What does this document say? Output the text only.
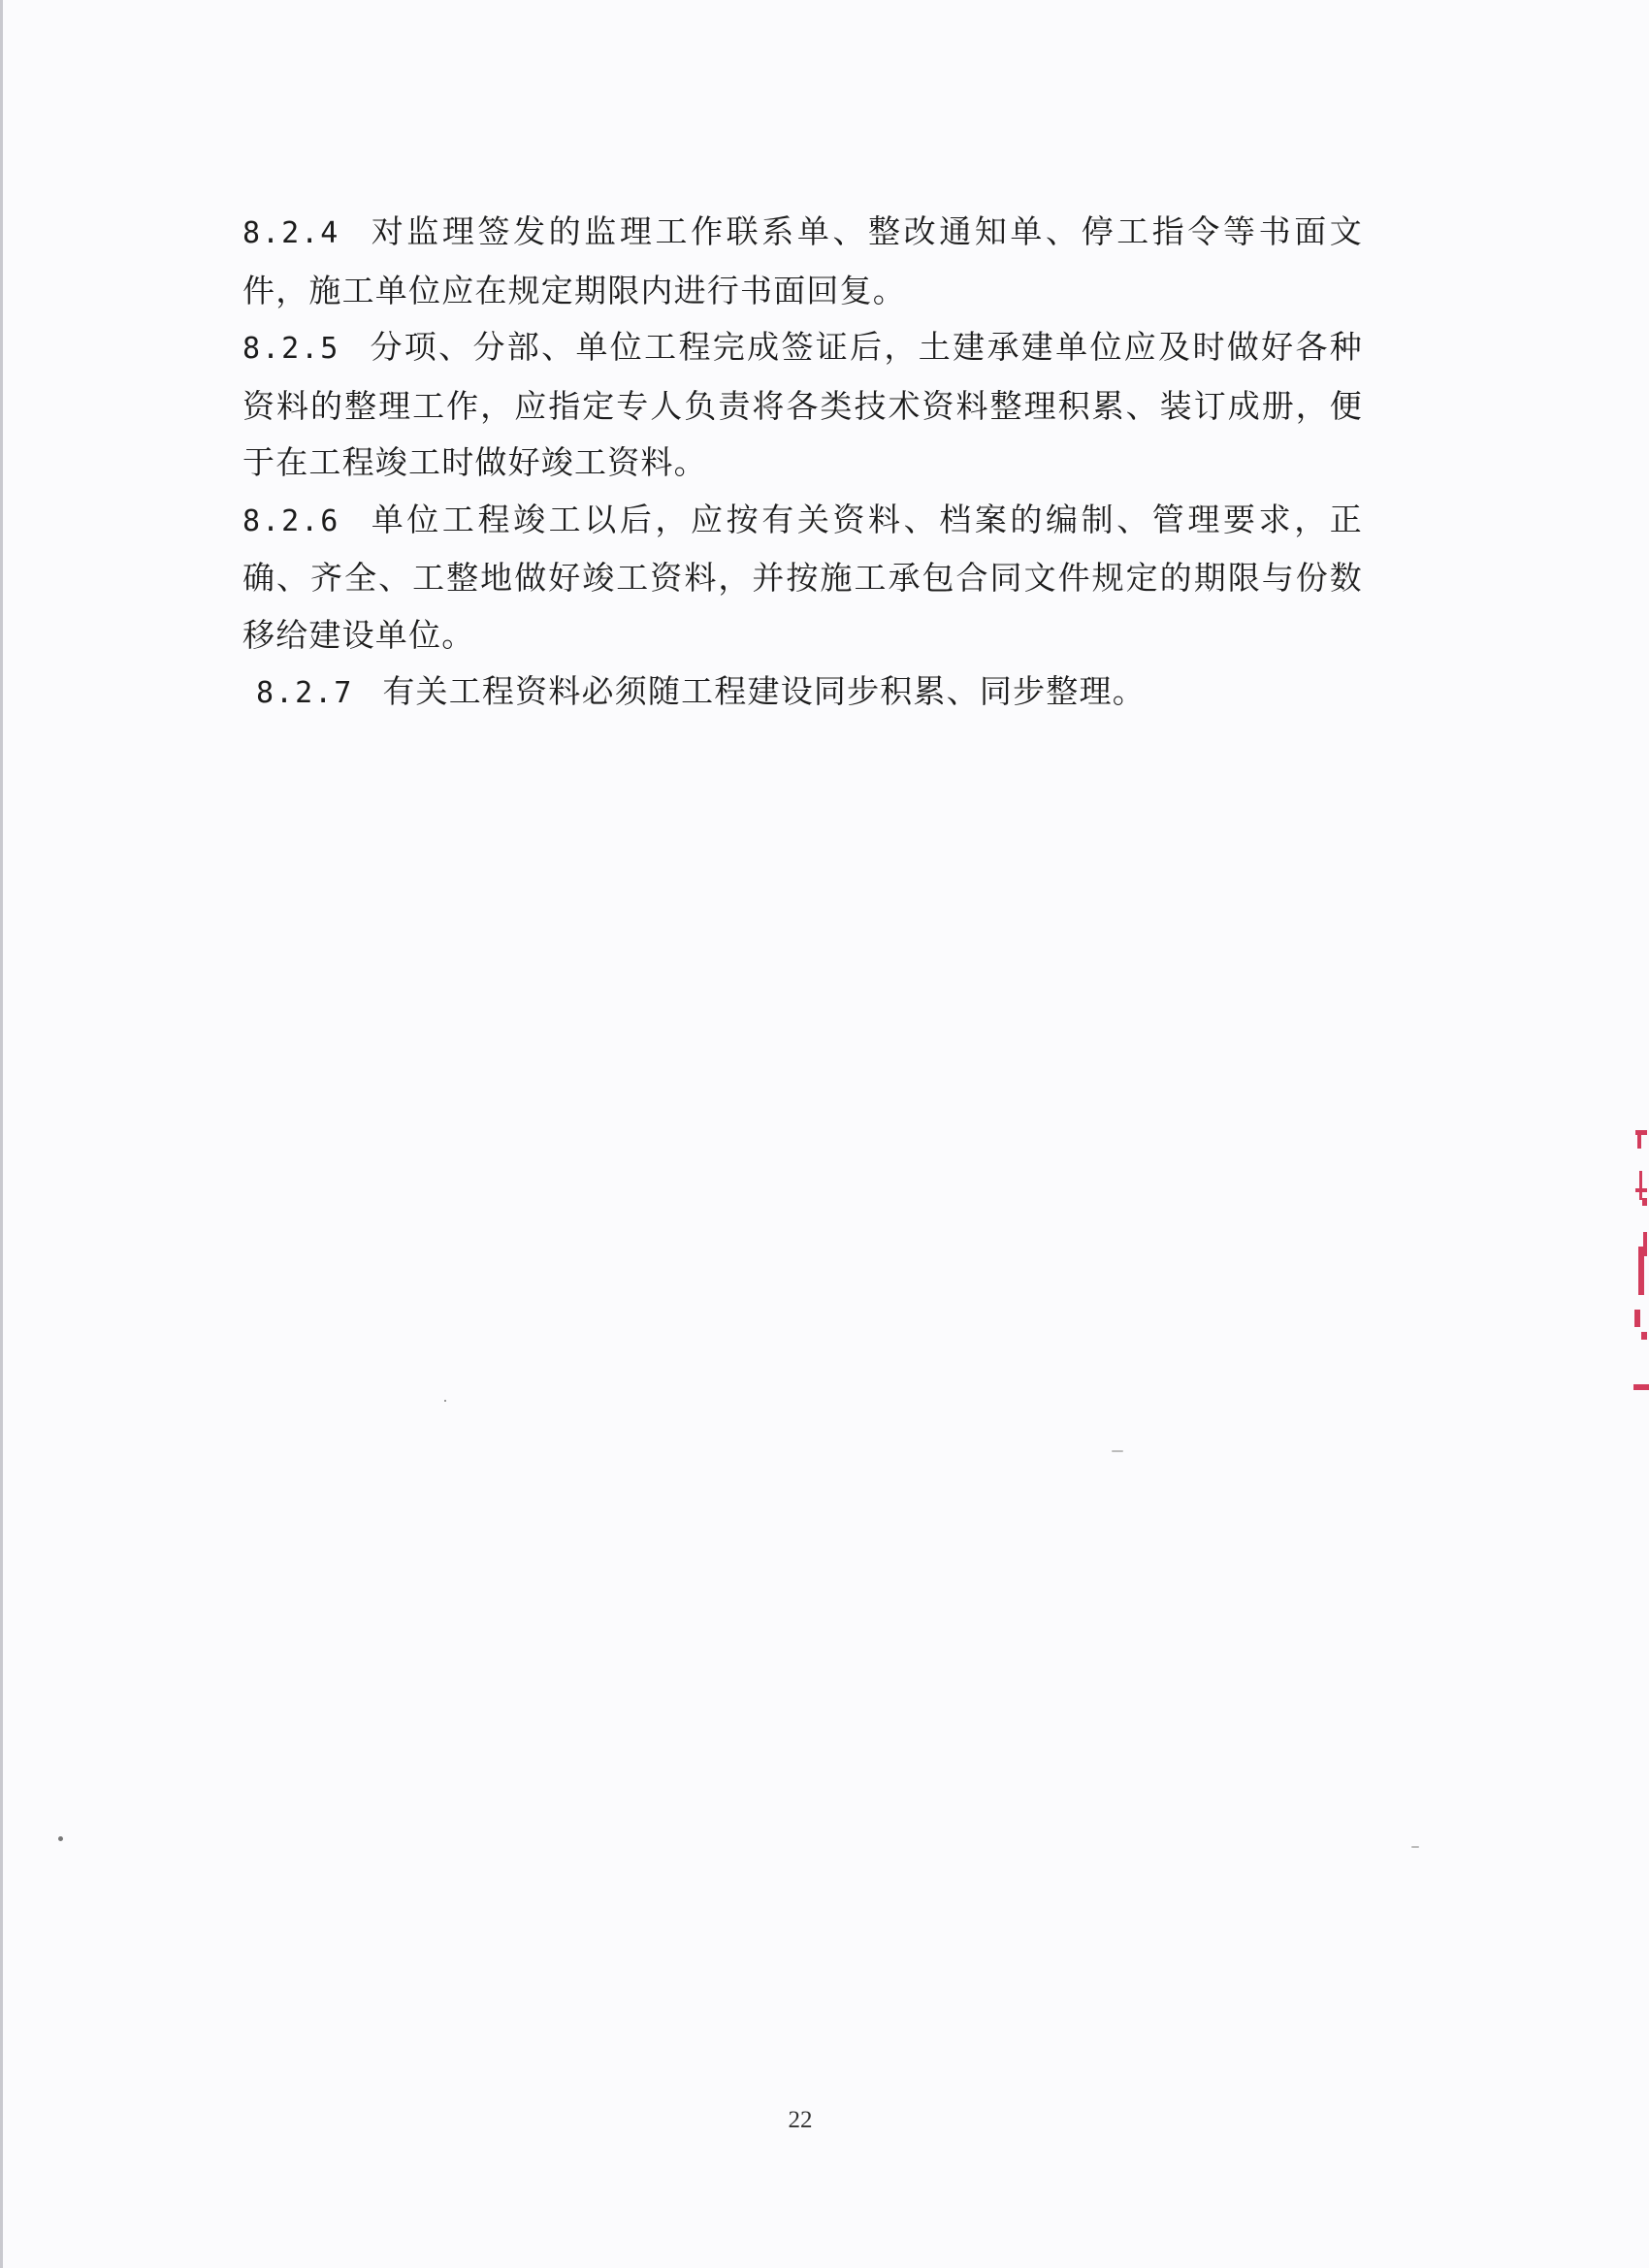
8.2.4 对监理签发的监理工作联系单、整改通知单、停工指令等书面文件，施工单位应在规定期限内进行书面回复。

8.2.5 分项、分部、单位工程完成签证后，土建承建单位应及时做好各种资料的整理工作，应指定专人负责将各类技术资料整理积累、装订成册，便于在工程竣工时做好竣工资料。

8.2.6 单位工程竣工以后，应按有关资料、档案的编制、管理要求，正确、齐全、工整地做好竣工资料，并按施工承包合同文件规定的期限与份数移给建设单位。

8.2.7 有关工程资料必须随工程建设同步积累、同步整理。

22
